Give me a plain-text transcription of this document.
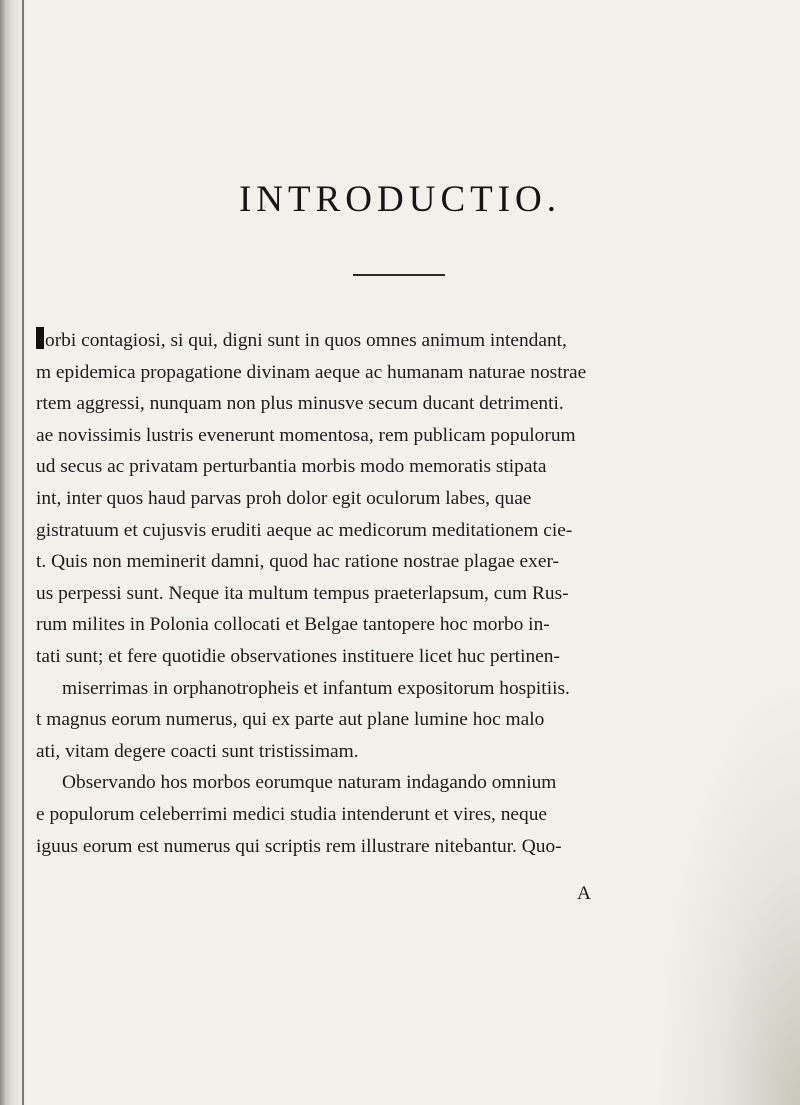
INTRODUCTIO.
orbi contagiosi, si qui, digni sunt in quos omnes animum intendant,
m epidemica propagatione divinam aeque ac humanam naturae nostrae
rtem aggressi, nunquam non plus minusve secum ducant detrimenti.
ae novissimis lustris evenerunt momentosa, rem publicam populorum
ud secus ac privatam perturbantia morbis modo memoratis stipata
int, inter quos haud parvas proh dolor egit oculorum labes, quae
gistratuum et cujusvis eruditi aeque ac medicorum meditationem cie-
t. Quis non meminerit damni, quod hac ratione nostrae plagae exer-
us perpessi sunt. Neque ita multum tempus praeterlapsum, cum Rus-
rum milites in Polonia collocati et Belgae tantopere hoc morbo in-
tati sunt; et fere quotidie observationes instituere licet huc pertinen-
miserrimas in orphanotropheis et infantum expositorum hospitiis.
t magnus eorum numerus, qui ex parte aut plane lumine hoc malo
ati, vitam degere coacti sunt tristissimam.
Observando hos morbos eorumque naturam indagando omnium
e populorum celeberrimi medici studia intenderunt et vires, neque
iguus eorum est numerus qui scriptis rem illustrare nitebantur. Quo-
A
